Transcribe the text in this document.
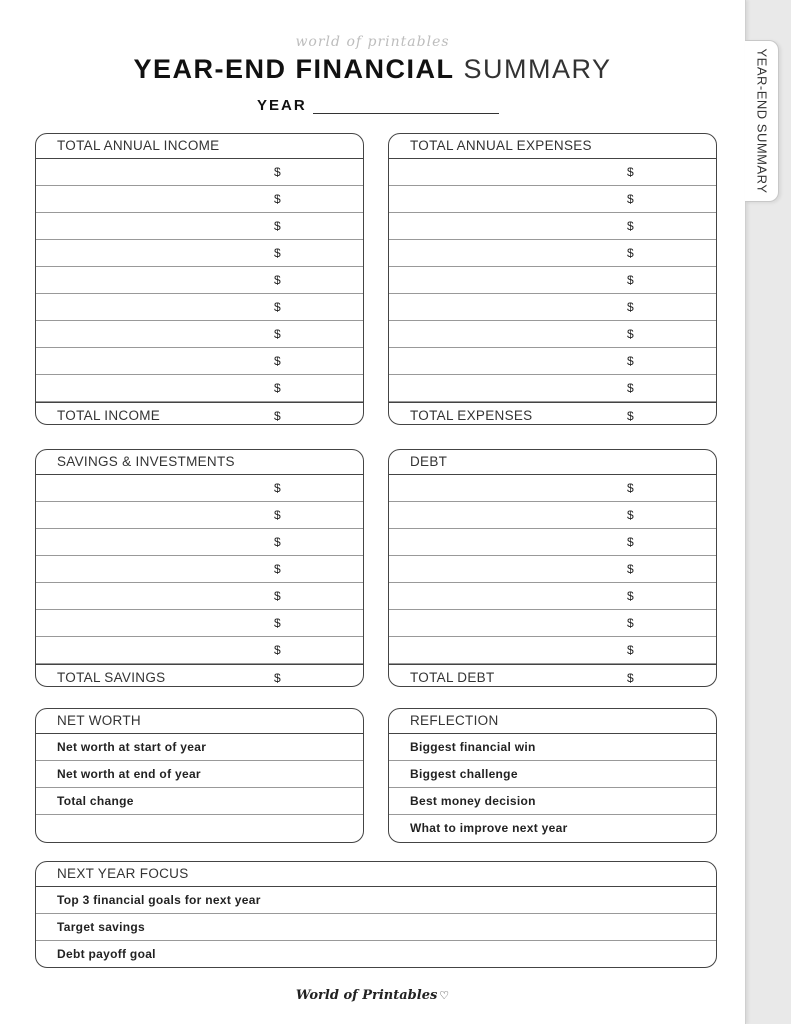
world of printables
YEAR-END FINANCIAL SUMMARY
YEAR
TOTAL ANNUAL INCOME
$
$
$
$
$
$
$
$
$
TOTAL INCOME	$
TOTAL ANNUAL EXPENSES
$
$
$
$
$
$
$
$
$
TOTAL EXPENSES	$
SAVINGS & INVESTMENTS
$
$
$
$
$
$
$
TOTAL SAVINGS	$
DEBT
$
$
$
$
$
$
$
TOTAL DEBT	$
NET WORTH
Net worth at start of year
Net worth at end of year
Total change
REFLECTION
Biggest financial win
Biggest challenge
Best money decision
What to improve next year
NEXT YEAR FOCUS
Top 3 financial goals for next year
Target savings
Debt payoff goal
World of Printables ♡
YEAR-END SUMMARY
